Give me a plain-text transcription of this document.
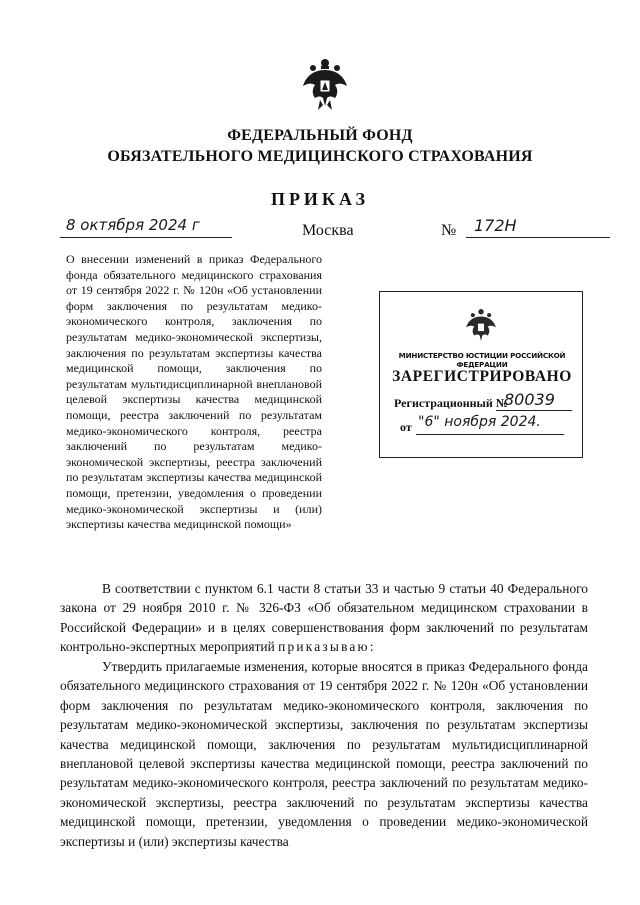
ФЕДЕРАЛЬНЫЙ ФОНД
ОБЯЗАТЕЛЬНОГО МЕДИЦИНСКОГО СТРАХОВАНИЯ
ПРИКАЗ
8 октября 2024 г	Москва	№ 172Н
О внесении изменений в приказ Федерального фонда обязательного медицинского страхования от 19 сентября 2022 г. № 120н «Об установлении форм заключения по результатам медико-экономического контроля, заключения по результатам медико-экономической экспертизы, заключения по результатам экспертизы качества медицинской помощи, заключения по результатам мультидисциплинарной внеплановой целевой экспертизы качества медицинской помощи, реестра заключений по результатам медико-экономического контроля, реестра заключений по результатам медико-экономической экспертизы, реестра заключений по результатам экспертизы качества медицинской помощи, претензии, уведомления о проведении медико-экономической экспертизы и (или) экспертизы качества медицинской помощи»
МИНИСТЕРСТВО ЮСТИЦИИ РОССИЙСКОЙ ФЕДЕРАЦИИ
ЗАРЕГИСТРИРОВАНО
Регистрационный №
80039
от "6" ноября 2024.
В соответствии с пунктом 6.1 части 8 статьи 33 и частью 9 статьи 40 Федерального закона от 29 ноября 2010 г. № 326-ФЗ «Об обязательном медицинском страховании в Российской Федерации» и в целях совершенствования форм заключений по результатам контрольно-экспертных мероприятий приказываю:
Утвердить прилагаемые изменения, которые вносятся в приказ Федерального фонда обязательного медицинского страхования от 19 сентября 2022 г. № 120н «Об установлении форм заключения по результатам медико-экономического контроля, заключения по результатам медико-экономической экспертизы, заключения по результатам экспертизы качества медицинской помощи, заключения по результатам мультидисциплинарной внеплановой целевой экспертизы качества медицинской помощи, реестра заключений по результатам медико-экономического контроля, реестра заключений по результатам медико-экономической экспертизы, реестра заключений по результатам экспертизы качества медицинской помощи, претензии, уведомления о проведении медико-экономической экспертизы и (или) экспертизы качества
